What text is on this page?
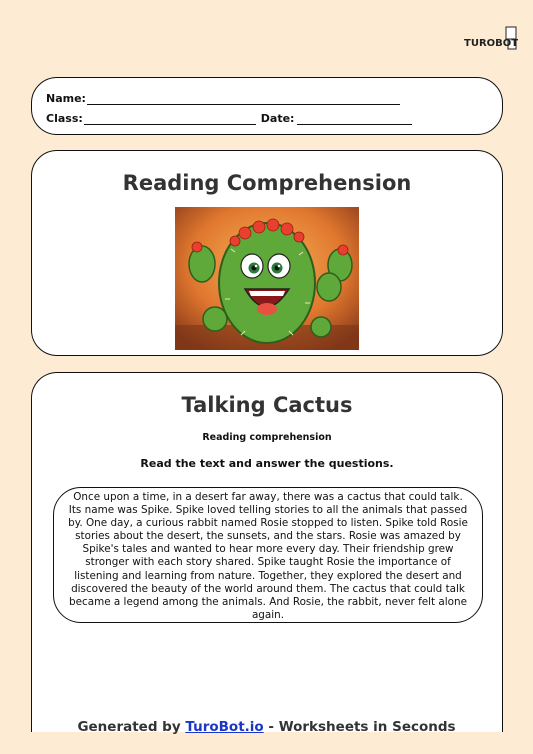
TUROBOT
Name:
Class:	Date:
Reading Comprehension
Talking Cactus
Reading comprehension
Read the text and answer the questions.
Once upon a time, in a desert far away, there was a cactus that could talk. Its name was Spike. Spike loved telling stories to all the animals that passed by. One day, a curious rabbit named Rosie stopped to listen. Spike told Rosie stories about the desert, the sunsets, and the stars. Rosie was amazed by Spike's tales and wanted to hear more every day. Their friendship grew stronger with each story shared. Spike taught Rosie the importance of listening and learning from nature. Together, they explored the desert and discovered the beauty of the world around them. The cactus that could talk became a legend among the animals. And Rosie, the rabbit, never felt alone again.
Generated by TuroBot.io - Worksheets in Seconds
